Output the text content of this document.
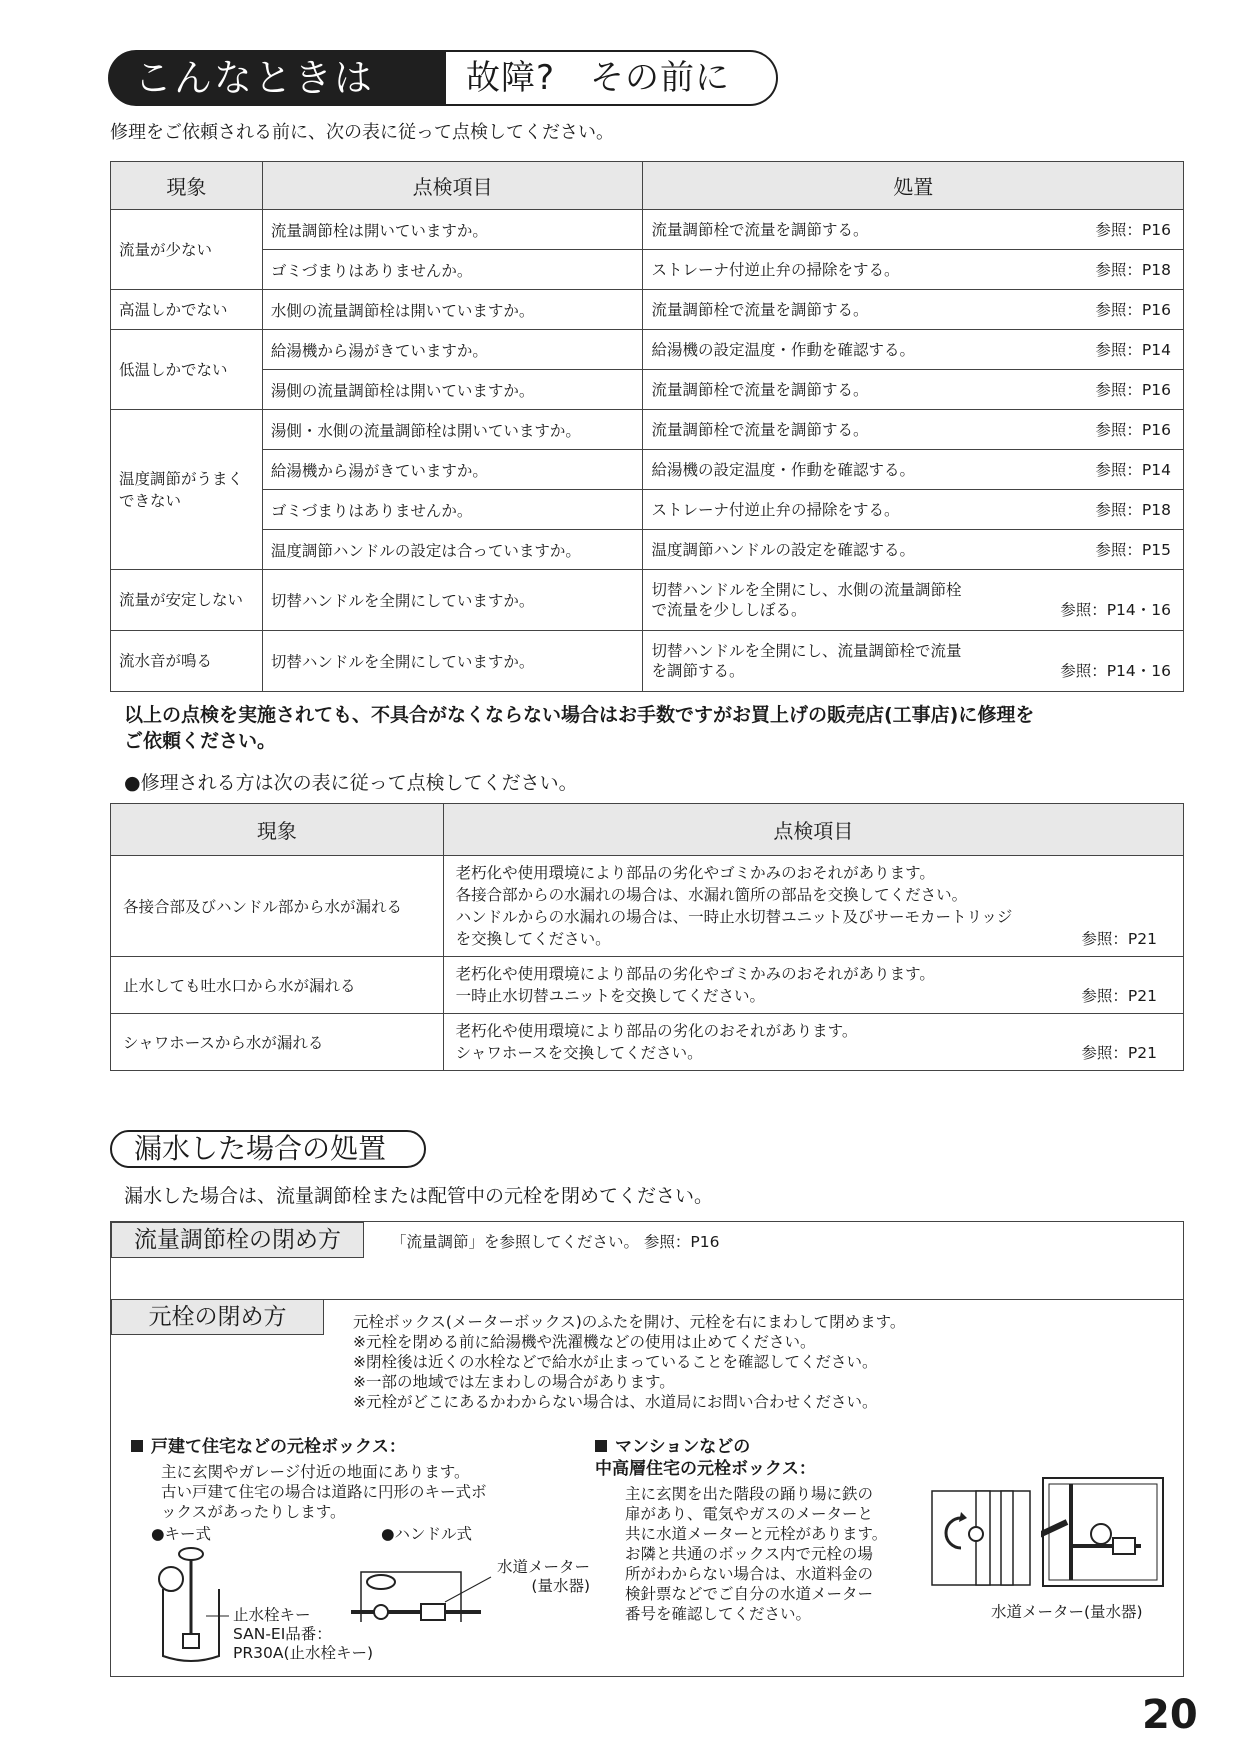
故障?　その前に
こんなときは
修理をご依頼される前に、次の表に従って点検してください。
現象	点検項目	処置
流量が少ない	流量調節栓は開いていますか。	流量調節栓で流量を調節する。 参照：P16

	ゴミづまりはありませんか。	ストレーナ付逆止弁の掃除をする。 参照：P18

高温しかでない	水側の流量調節栓は開いていますか。	流量調節栓で流量を調節する。 参照：P16

低温しかでない	給湯機から湯がきていますか。	給湯機の設定温度・作動を確認する。 参照：P14

	湯側の流量調節栓は開いていますか。	流量調節栓で流量を調節する。 参照：P16

温度調節がうまく
できない	湯側・水側の流量調節栓は開いていますか。	流量調節栓で流量を調節する。 参照：P16

	給湯機から湯がきていますか。	給湯機の設定温度・作動を確認する。 参照：P14

	ゴミづまりはありませんか。	ストレーナ付逆止弁の掃除をする。 参照：P18

	温度調節ハンドルの設定は合っていますか。	温度調節ハンドルの設定を確認する。 参照：P15

流量が安定しない	切替ハンドルを全開にしていますか。	切替ハンドルを全開にし、水側の流量調節栓
で流量を少ししぼる。 参照：P14・16

流水音が鳴る	切替ハンドルを全開にしていますか。	切替ハンドルを全開にし、流量調節栓で流量
を調節する。 参照：P14・16
以上の点検を実施されても、不具合がなくならない場合はお手数ですがお買上げの販売店(工事店)に修理を
ご依頼ください。
●修理される方は次の表に従って点検してください。
現象	点検項目
各接合部及びハンドル部から水が漏れる	老朽化や使用環境により部品の劣化やゴミかみのおそれがあります。
各接合部からの水漏れの場合は、水漏れ箇所の部品を交換してください。
ハンドルからの水漏れの場合は、一時止水切替ユニット及びサーモカートリッジ
を交換してください。 参照：P21

止水しても吐水口から水が漏れる	老朽化や使用環境により部品の劣化やゴミかみのおそれがあります。
一時止水切替ユニットを交換してください。 参照：P21

シャワホースから水が漏れる	老朽化や使用環境により部品の劣化のおそれがあります。
シャワホースを交換してください。 参照：P21
漏水した場合の処置
漏水した場合は、流量調節栓または配管中の元栓を閉めてください。
流量調節栓の閉め方	「流量調節」を参照してください。 参照：P16
元栓の閉め方	元栓ボックス(メーターボックス)のふたを開け、元栓を右にまわして閉めます。
※元栓を閉める前に給湯機や洗濯機などの使用は止めてください。
※閉栓後は近くの水栓などで給水が止まっていることを確認してください。
※一部の地域では左まわしの場合があります。
※元栓がどこにあるかわからない場合は、水道局にお問い合わせください。
戸建て住宅などの元栓ボックス：
主に玄関やガレージ付近の地面にあります。
古い戸建て住宅の場合は道路に円形のキー式ボ
ックスがあったりします。
●キー式	●ハンドル式
止水栓キー
SAN-EI品番：
PR30A(止水栓キー)
水道メーター
(量水器)
マンションなどの
中高層住宅の元栓ボックス：
主に玄関を出た階段の踊り場に鉄の
扉があり、電気やガスのメーターと
共に水道メーターと元栓があります。
お隣と共通のボックス内で元栓の場
所がわからない場合は、水道料金の
検針票などでご自分の水道メーター
番号を確認してください。	水道メーター(量水器)
20
